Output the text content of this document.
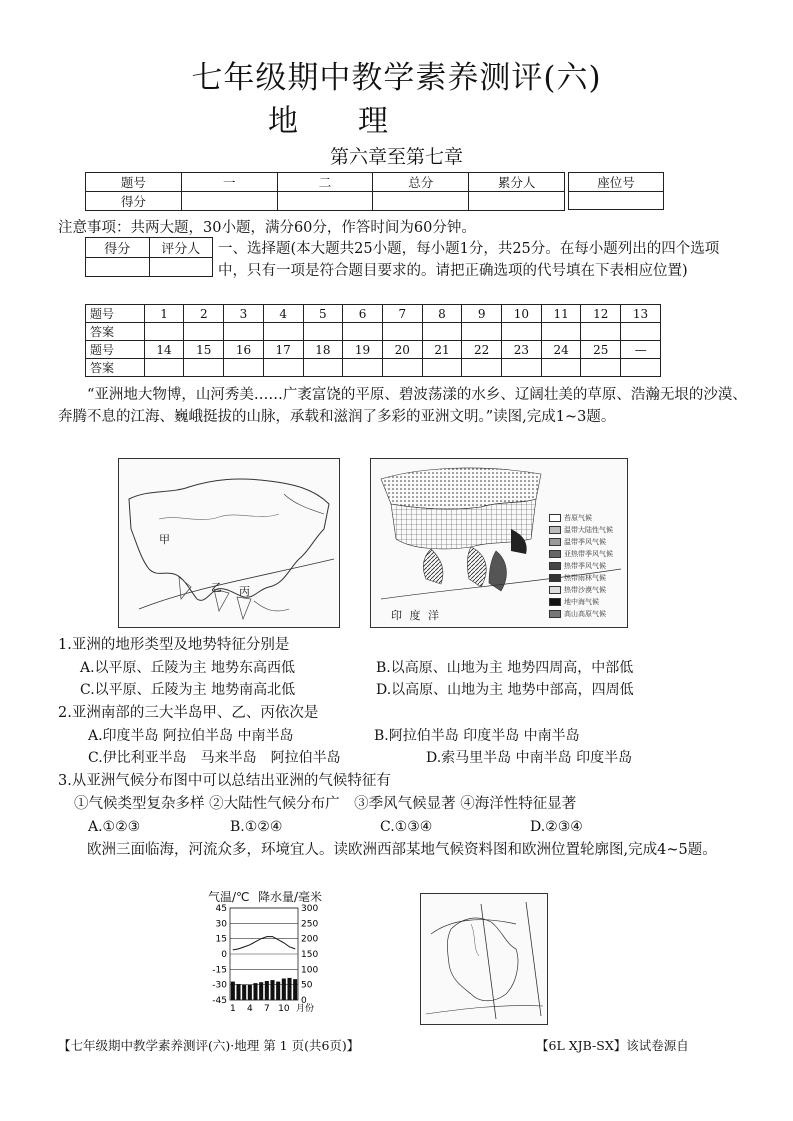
七年级期中教学素养测评(六)
地理
第六章至第七章
题号	一	二	总分	累分人
得分				
座位号

注意事项：共两大题，30小题，满分60分，作答时间为60分钟。
得分	评分人
	一、选择题(本大题共25小题，每小题1分，共25分。在每小题列出的四个选项中，只有一项是符合题目要求的。请把正确选项的代号填在下表相应位置)
题号	1	2	3	4	5	6	7	8	9	10	11	12	13
答案													
题号	14	15	16	17	18	19	20	21	22	23	24	25	—
答案													
“亚洲地大物博，山河秀美……广袤富饶的平原、碧波荡漾的水乡、辽阔壮美的草原、浩瀚无垠的沙漠、奔腾不息的江海、巍峨挺拔的山脉，承载和滋润了多彩的亚洲文明。”读图,完成1~3题。
甲
乙 丙
印 度 洋
苔原气候
温带大陆性气候
温带季风气候
亚热带季风气候
热带季风气候
热带雨林气候
热带沙漠气候
地中海气候
高山高原气候
1.亚洲的地形类型及地势特征分别是
A.以平原、丘陵为主 地势东高西低	B.以高原、山地为主 地势四周高，中部低
C.以平原、丘陵为主 地势南高北低	D.以高原、山地为主 地势中部高，四周低
2.亚洲南部的三大半岛甲、乙、丙依次是
A.印度半岛 阿拉伯半岛 中南半岛	B.阿拉伯半岛 印度半岛 中南半岛
C.伊比利亚半岛　马来半岛　阿拉伯半岛	D.索马里半岛 中南半岛 印度半岛
3.从亚洲气候分布图中可以总结出亚洲的气候特征有
①气候类型复杂多样 ②大陆性气候分布广　③季风气候显著 ④海洋性特征显著
A.①②③	B.①②④	C.①③④	D.②③④
欧洲三面临海，河流众多，环境宜人。读欧洲西部某地气候资料图和欧洲位置轮廓图,完成4~5题。
气温/℃ 降水量/毫米
45
30
15
0
-15
-30
-45
300
250
200
150
100
50
0
1 4 7 10 月份
【七年级期中教学素养测评(六)·地理 第 1 页(共6页)】	【6L XJB-SX】该试卷源自
